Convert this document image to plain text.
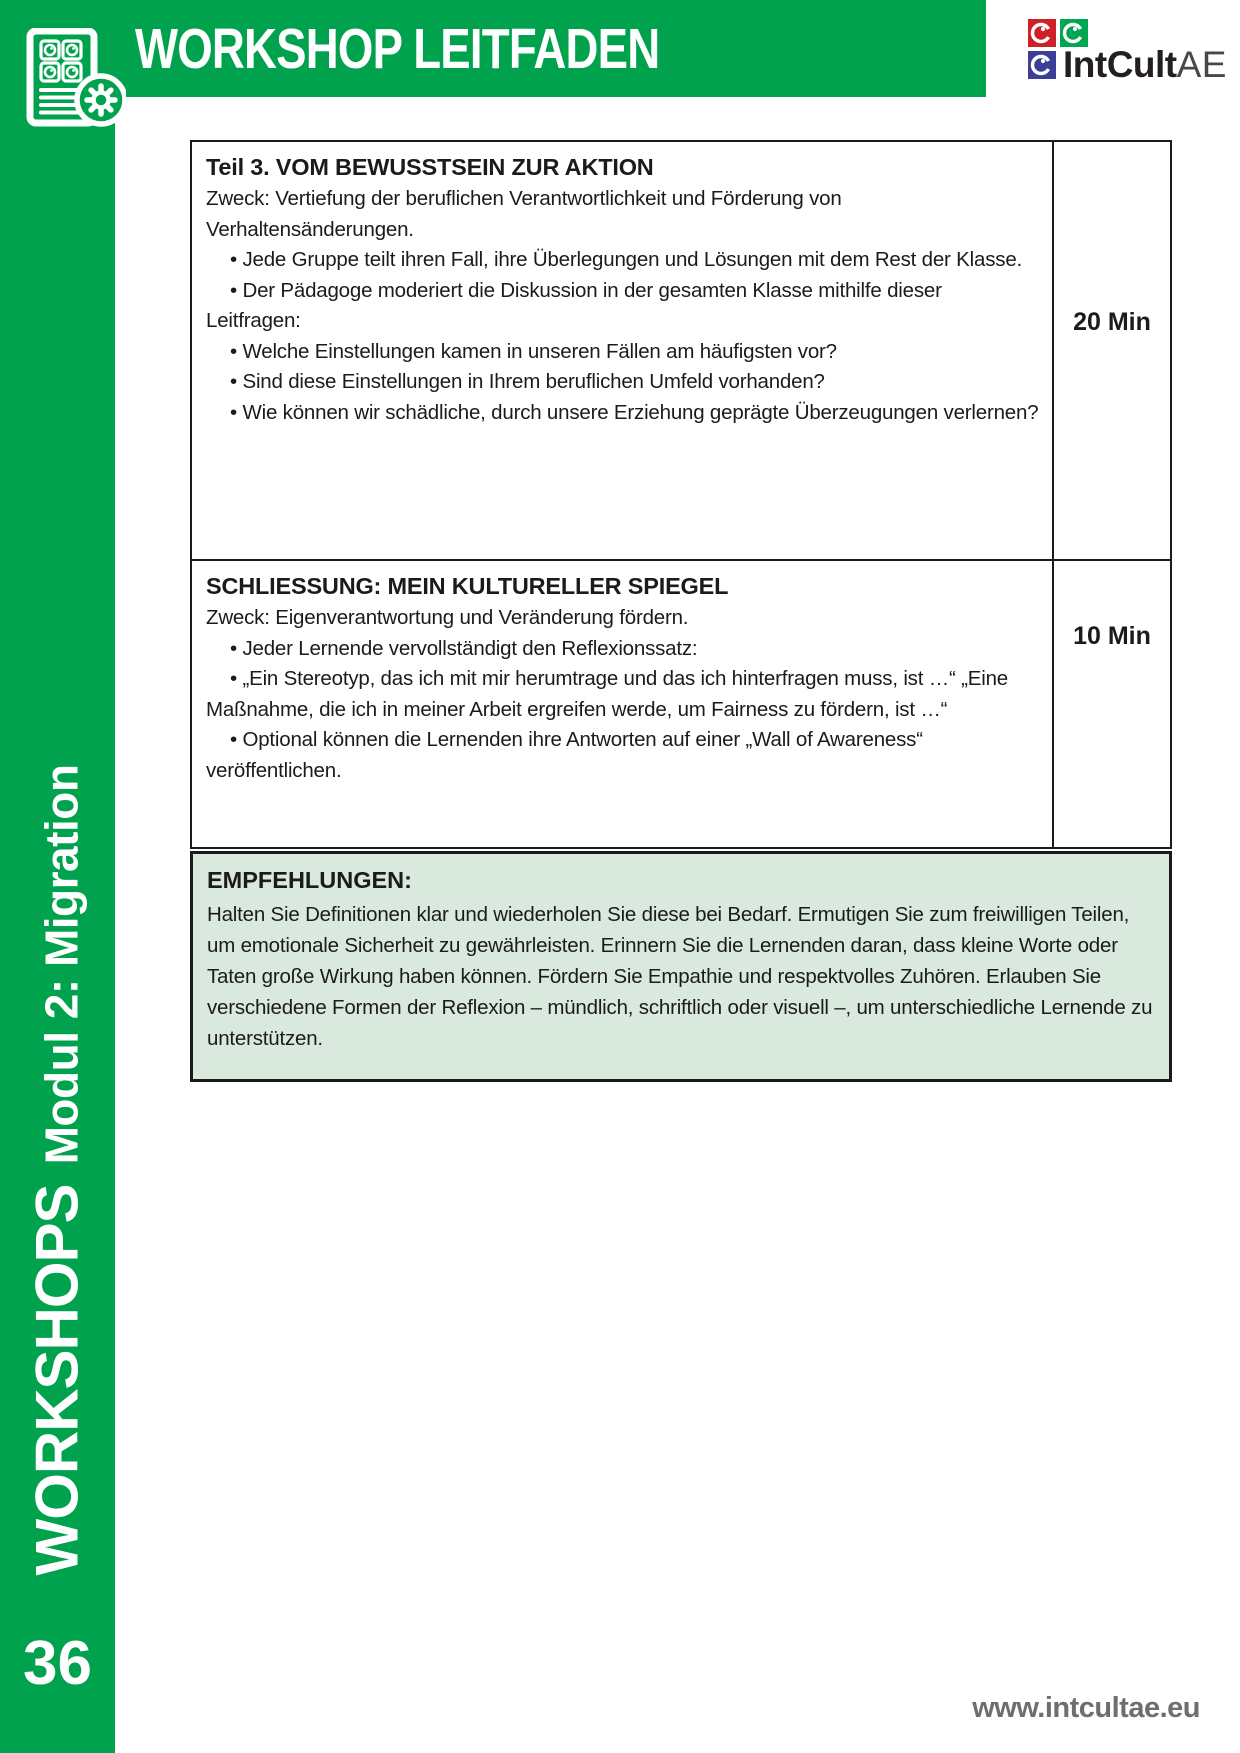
WORKSHOPSModul 2: Migration
36
WORKSHOP LEITFADEN	IntCultAE

Teil 3. VOM BEWUSSTSEIN ZUR AKTION

Zweck: Vertiefung der beruflichen Verantwortlichkeit und Förderung von Verhaltensänderungen.

• Jede Gruppe teilt ihren Fall, ihre Überlegungen und Lösungen mit dem Rest der Klasse.

• Der Pädagoge moderiert die Diskussion in der gesamten Klasse mithilfe dieser Leitfragen:

• Welche Einstellungen kamen in unseren Fällen am häufigsten vor?

• Sind diese Einstellungen in Ihrem beruflichen Umfeld vorhanden?

• Wie können wir schädliche, durch unsere Erziehung geprägte Überzeugungen verlernen?

20 Min

SCHLIESSUNG: MEIN KULTURELLER SPIEGEL

Zweck: Eigenverantwortung und Veränderung fördern.

• Jeder Lernende vervollständigt den Reflexionssatz:

• „Ein Stereotyp, das ich mit mir herumtrage und das ich hinterfragen muss, ist …“ „Eine Maßnahme, die ich in meiner Arbeit ergreifen werde, um Fairness zu fördern, ist …“

• Optional können die Lernenden ihre Antworten auf einer „Wall of Awareness“ veröffentlichen.

10 Min

EMPFEHLUNGEN:

Halten Sie Definitionen klar und wiederholen Sie diese bei Bedarf. Ermutigen Sie zum freiwilligen Teilen, um emotionale Sicherheit zu gewährleisten. Erinnern Sie die Lernenden daran, dass kleine Worte oder Taten große Wirkung haben können. Fördern Sie Empathie und respektvolles Zuhören. Erlauben Sie verschiedene Formen der Reflexion – mündlich, schriftlich oder visuell –, um unterschiedliche Lernende zu unterstützen.

www.intcultae.eu
